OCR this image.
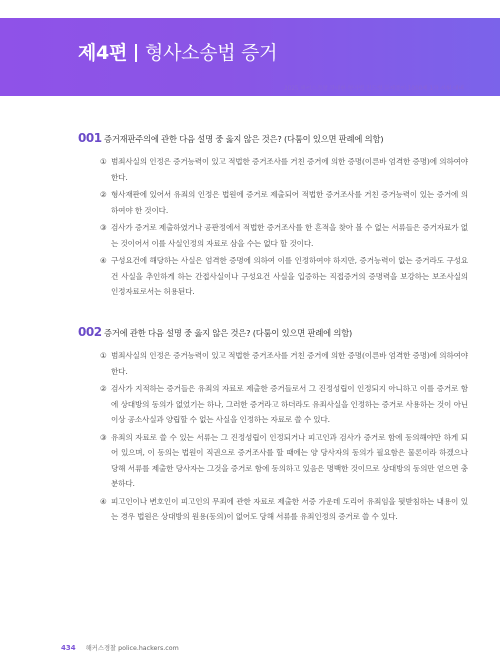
제4편 형사소송법 증거
2025 해커스경찰 갓대환 형사법 진도별 문제풀이 1000제 1차 시험 대비
001 증거재판주의에 관한 다음 설명 중 옳지 않은 것은? (다툼이 있으면 판례에 의함)
① 범죄사실의 인정은 증거능력이 있고 적법한 증거조사를 거친 증거에 의한 증명(이른바 엄격한 증명)에 의하여야 한다.
② 형사재판에 있어서 유죄의 인정은 법원에 증거로 제출되어 적법한 증거조사를 거친 증거능력이 있는 증거에 의하여야 한 것이다.
③ 검사가 증거로 제출하였거나 공판정에서 적법한 증거조사를 한 흔적을 찾아 볼 수 없는 서류들은 증거자료가 없는 것이어서 이를 사실인정의 자료로 삼을 수는 없다 할 것이다.
④ 구성요건에 해당하는 사실은 엄격한 증명에 의하여 이를 인정하여야 하지만, 증거능력이 없는 증거라도 구성요건 사실을 추인하게 하는 간접사실이나 구성요건 사실을 입증하는 직접증거의 증명력을 보강하는 보조사실의 인정자료로서는 허용된다.
002 증거에 관한 다음 설명 중 옳지 않은 것은? (다툼이 있으면 판례에 의함)
① 범죄사실의 인정은 증거능력이 있고 적법한 증거조사를 거친 증거에 의한 증명(이른바 엄격한 증명)에 의하여야 한다.
② 검사가 지적하는 증거들은 유죄의 자료로 제출한 증거들로서 그 진정성립이 인정되지 아니하고 이를 증거로 함에 상대방의 동의가 없었기는 하나, 그러한 증거라고 하더라도 유죄사실을 인정하는 증거로 사용하는 것이 아닌 이상 공소사실과 양립할 수 없는 사실을 인정하는 자료로 쓸 수 있다.
③ 유죄의 자료로 쓸 수 있는 서류는 그 진정성립이 인정되거나 피고인과 검사가 증거로 함에 동의해야만 하게 되어 있으며, 이 동의는 법원이 직권으로 증거조사를 할 때에는 양 당사자의 동의가 필요함은 물론이라 하겠으나 당해 서류를 제출한 당사자는 그것을 증거로 함에 동의하고 있음은 명백한 것이므로 상대방의 동의만 얻으면 충분하다.
④ 피고인이나 변호인이 피고인의 무죄에 관한 자료로 제출한 서증 가운데 도리어 유죄임을 뒷받침하는 내용이 있는 경우 법원은 상대방의 원용(동의)이 없어도 당해 서류를 유죄인정의 증거로 쓸 수 있다.
434 해커스경찰 police.hackers.com
